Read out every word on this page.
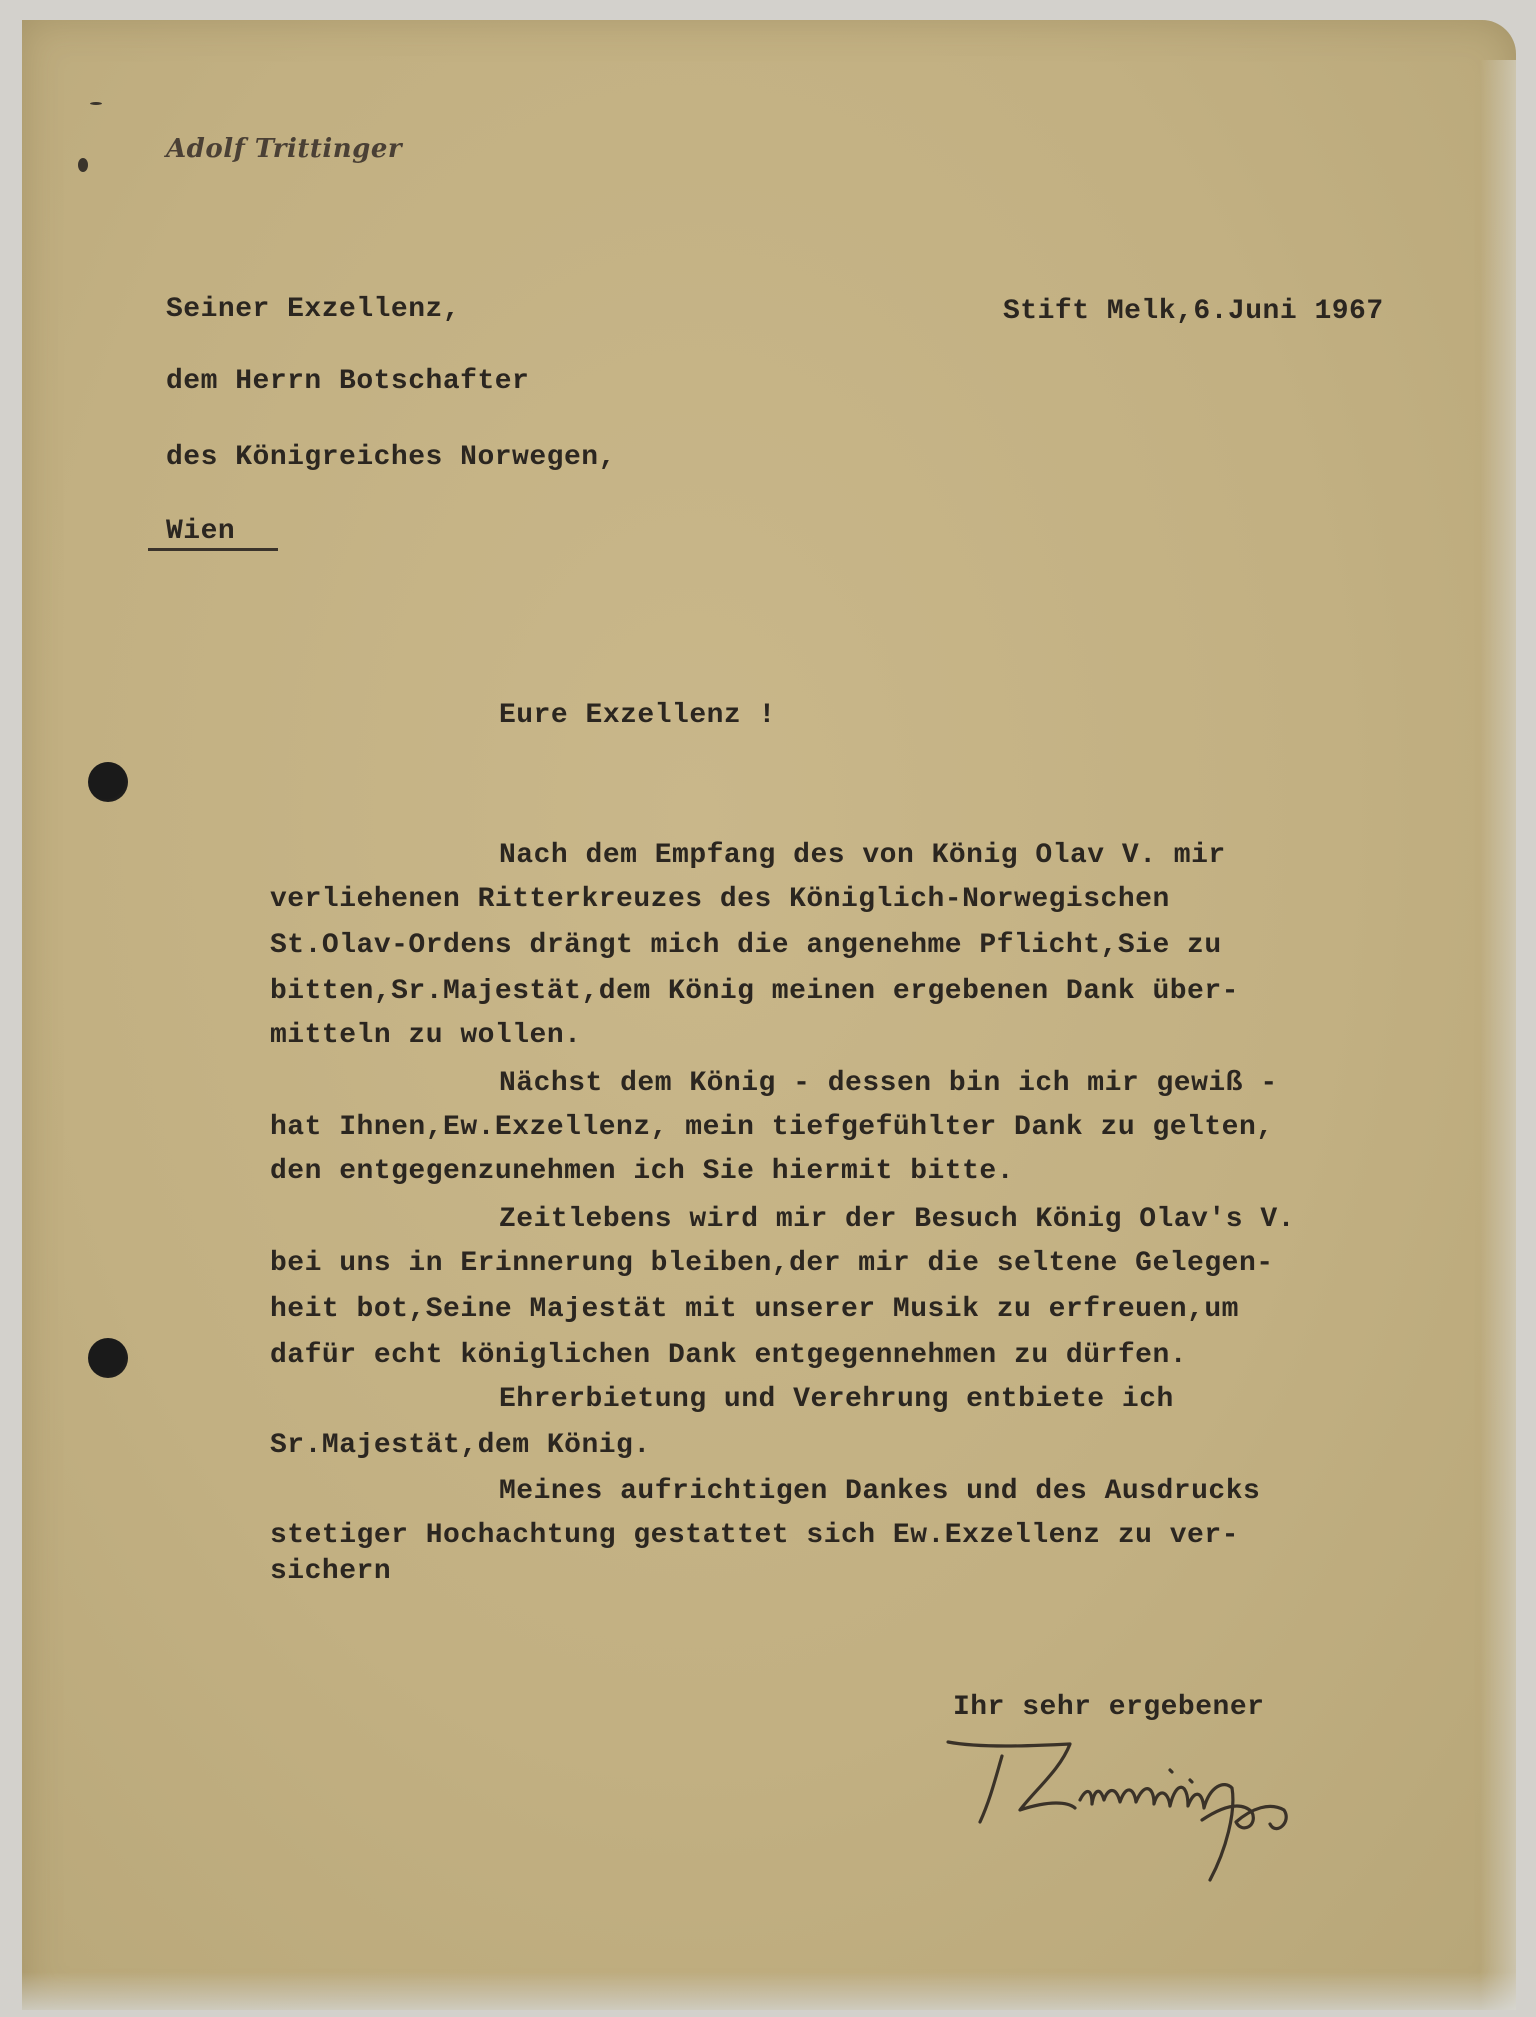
Adolf Trittinger
Seiner Exzellenz,	Stift Melk,6.Juni 1967
dem Herrn Botschafter
des Königreiches Norwegen,
Wien
Eure Exzellenz !
Nach dem Empfang des von König Olav V. mir
verliehenen Ritterkreuzes des Königlich-Norwegischen
St.Olav-Ordens drängt mich die angenehme Pflicht,Sie zu
bitten,Sr.Majestät,dem König meinen ergebenen Dank über-
mitteln zu wollen.
Nächst dem König - dessen bin ich mir gewiß -
hat Ihnen,Ew.Exzellenz, mein tiefgefühlter Dank zu gelten,
den entgegenzunehmen ich Sie hiermit bitte.
Zeitlebens wird mir der Besuch König Olav's V.
bei uns in Erinnerung bleiben,der mir die seltene Gelegen-
heit bot,Seine Majestät mit unserer Musik zu erfreuen,um
dafür echt königlichen Dank entgegennehmen zu dürfen.
Ehrerbietung und Verehrung entbiete ich
Sr.Majestät,dem König.
Meines aufrichtigen Dankes und des Ausdrucks
stetiger Hochachtung gestattet sich Ew.Exzellenz zu ver-
sichern
Ihr sehr ergebener
